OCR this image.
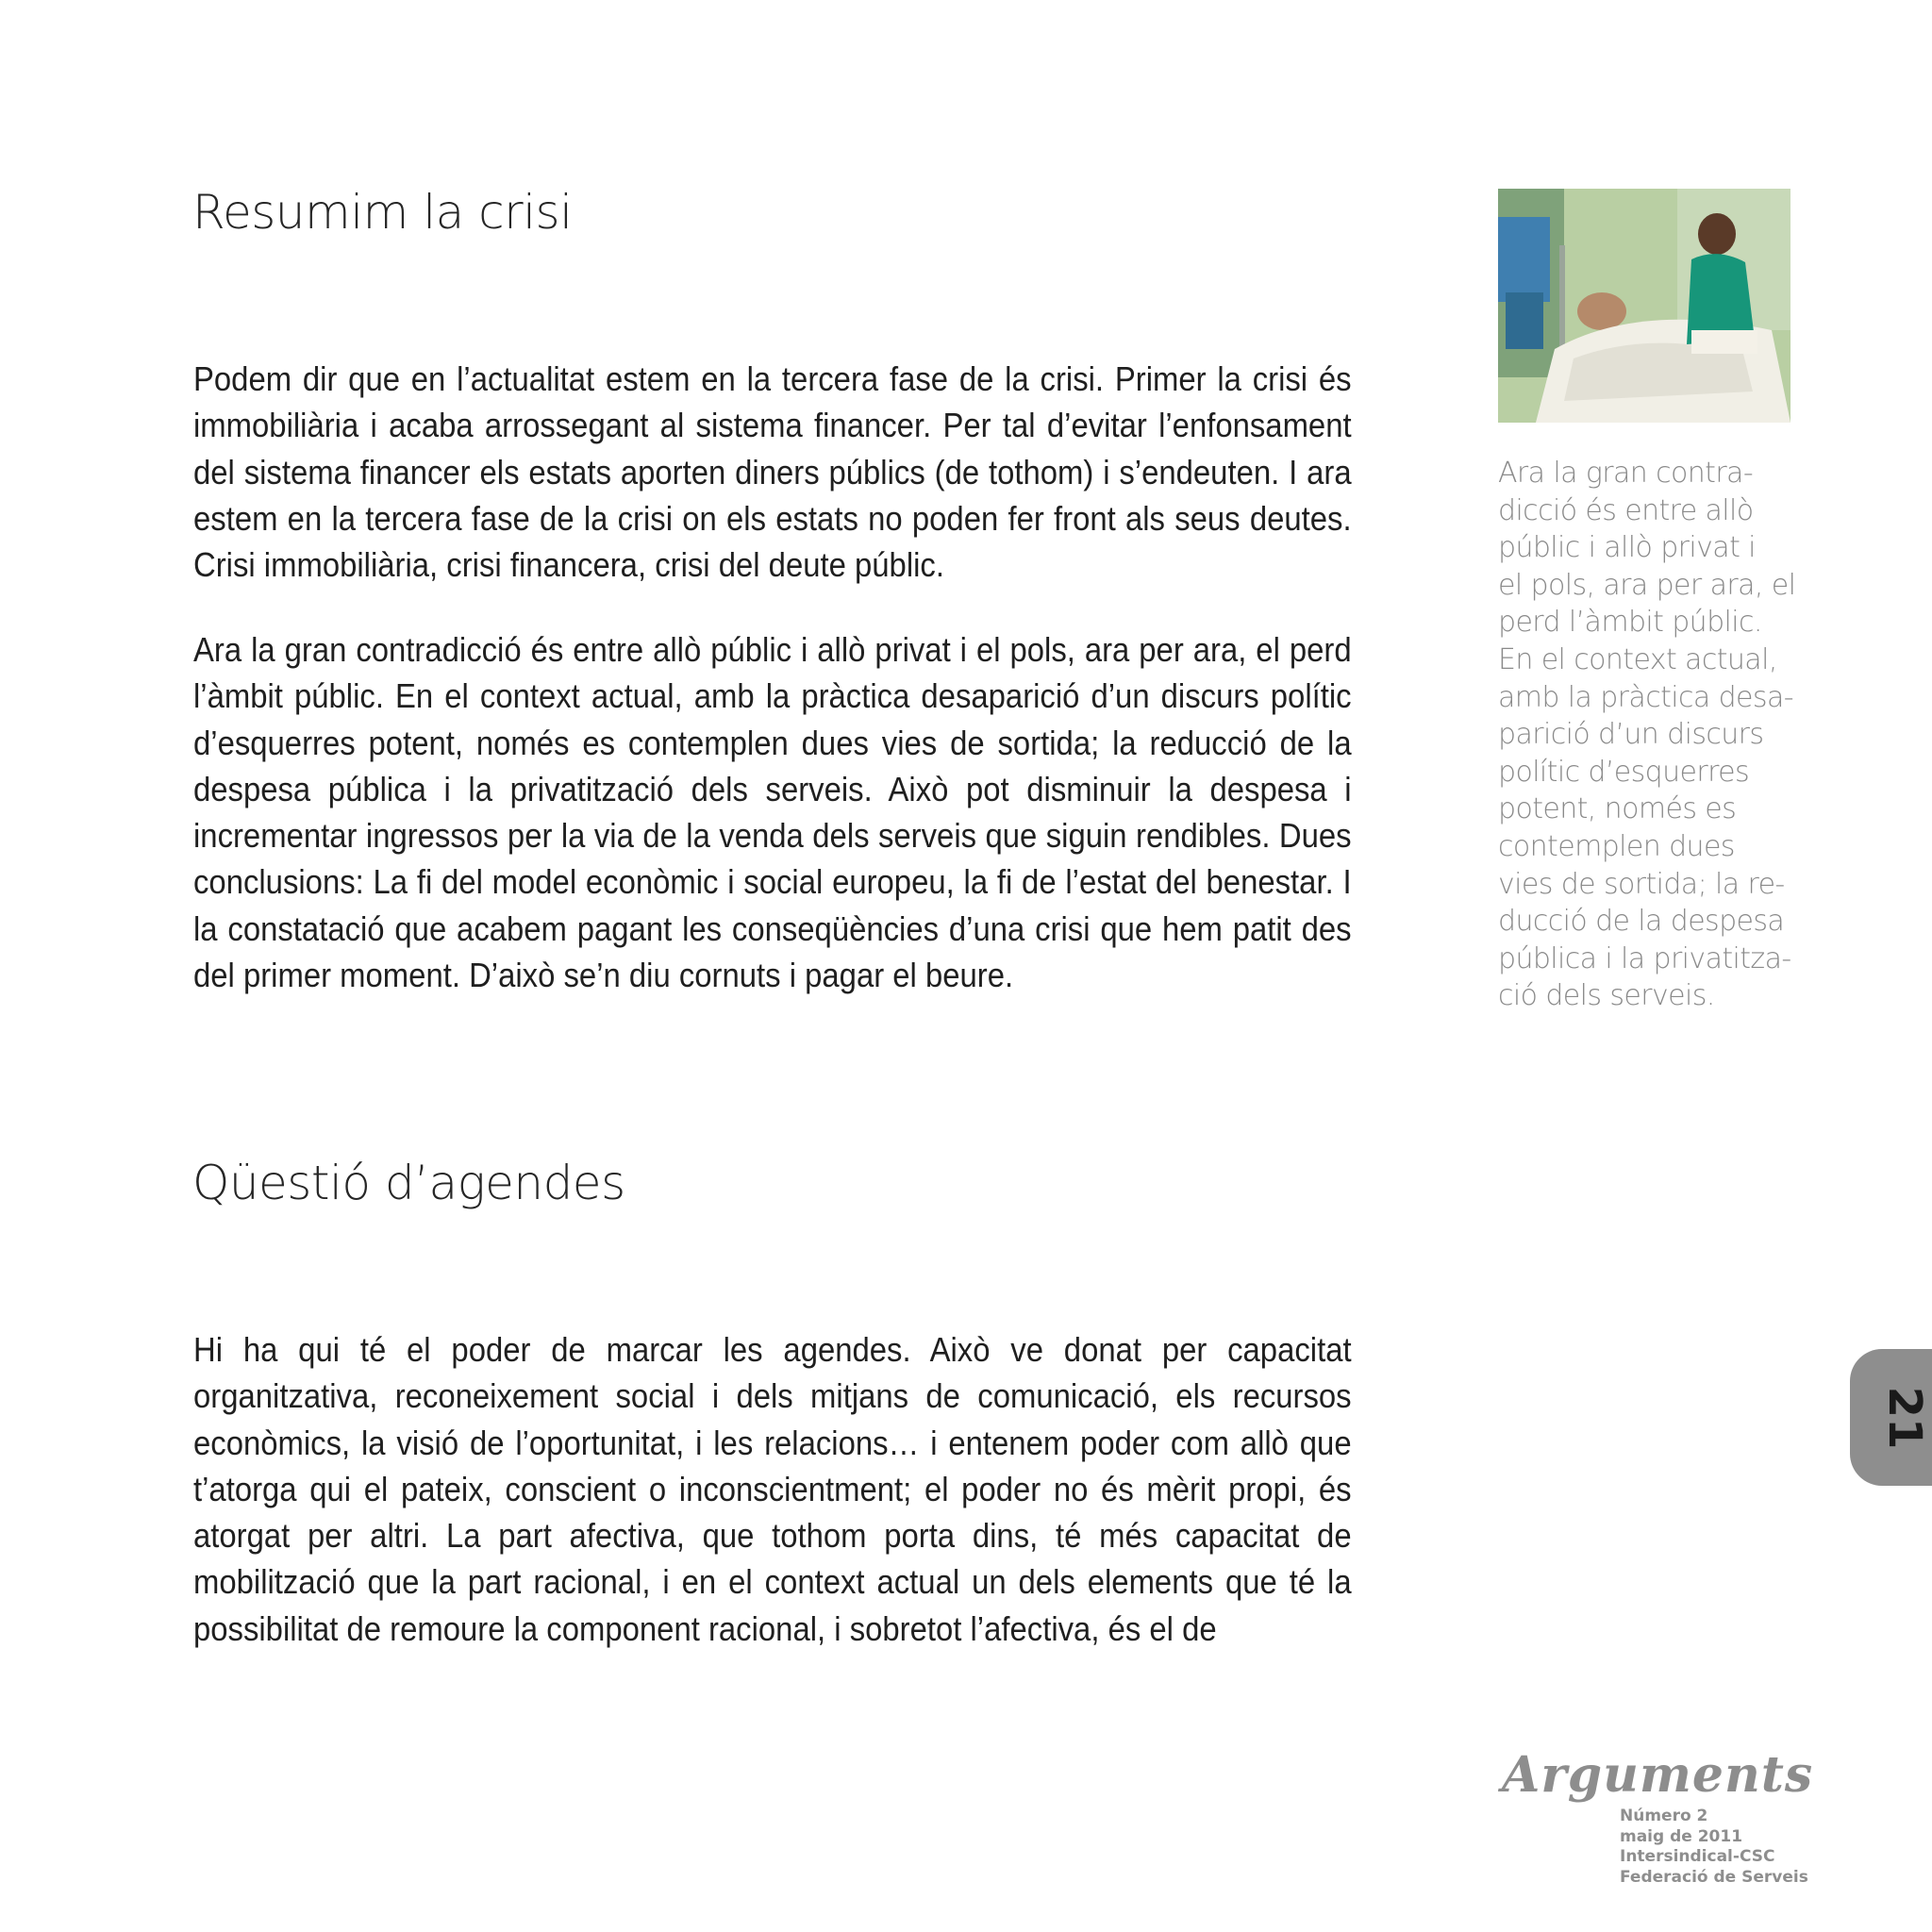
Resumim la crisi

Podem dir que en l’actualitat estem en la tercera fase de la crisi. Primer la crisi és immobiliària i acaba arrossegant al sistema financer. Per tal d’evitar l’enfonsament del sistema financer els estats aporten diners públics (de tothom) i s’endeuten. I ara estem en la tercera fase de la crisi on els estats no poden fer front als seus deutes. Crisi immobiliària, crisi financera, crisi del deute públic.

Ara la gran contradicció és entre allò públic i allò privat i el pols, ara per ara, el perd l’àmbit públic. En el context actual, amb la pràctica desaparició d’un discurs polític d’esquerres potent, només es contemplen dues vies de sortida; la reducció de la despesa pública i la privatització dels serveis. Això pot disminuir la despesa i incrementar ingressos per la via de la venda dels serveis que siguin rendibles. Dues conclusions: La fi del model econòmic i social europeu, la fi de l’estat del benestar. I la constatació que acabem pagant les conseqüències d’una crisi que hem patit des del primer moment. D’això se’n diu cornuts i pagar el beure.

Qüestió d’agendes

Hi ha qui té el poder de marcar les agendes. Això ve donat per capacitat organitzativa, reconeixement social i dels mitjans de comunicació, els recursos econòmics, la visió de l’oportunitat, i les relacions… i entenem poder com allò que t’atorga qui el pateix, conscient o inconscientment; el poder no és mèrit propi, és atorgat per altri. La part afectiva, que tothom porta dins, té més capacitat de mobilització que la part racional, i en el context actual un dels elements que té la possibilitat de remoure la component racional, i sobretot l’afectiva, és el de

Ara la gran contra-
dicció és entre allò
públic i allò privat i
el pols, ara per ara, el
perd l’àmbit públic.
En el context actual,
amb la pràctica desa-
parició d’un discurs
polític d’esquerres
potent, només es
contemplen dues
vies de sortida; la re-
ducció de la despesa
pública i la privatitza-
ció dels serveis.

21
Arguments
Número 2
maig de 2011
Intersindical-CSC
Federació de Serveis
